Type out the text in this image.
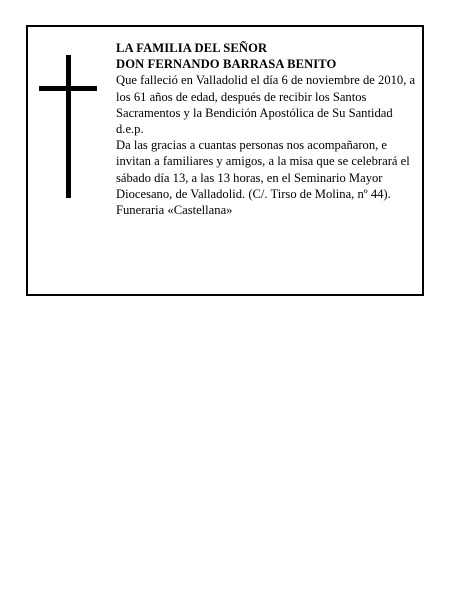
LA FAMILIA DEL SEÑOR

DON FERNANDO BARRASA BENITO

Que falleció en Valladolid el día 6 de noviembre de 2010, a los 61 años de edad, después de recibir los Santos Sacramentos y la Bendición Apostólica de Su Santidad

d.e.p.

Da las gracias a cuantas personas nos acompañaron, e invitan a familiares y amigos, a la misa que se celebrará el sábado día 13, a las 13 horas, en el Seminario Mayor Diocesano, de Valladolid. (C/. Tirso de Molina, nº 44).

Funeraria «Castellana»
